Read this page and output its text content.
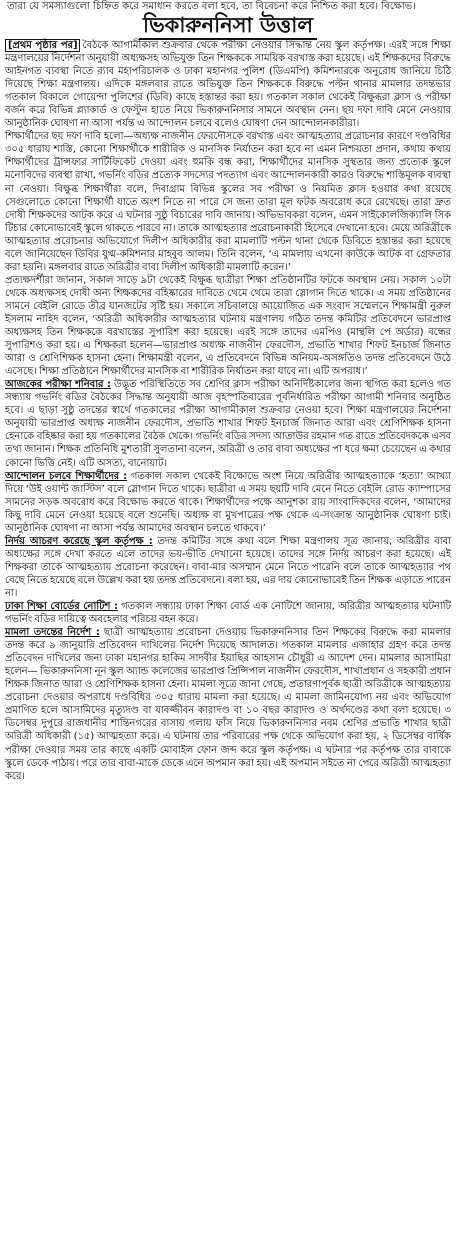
তারা যে সমস্যাগুলো চিহ্নিত করে সমাধান করতে বলা হবে, তা বিবেচনা করে নিশ্চিত করা হবে। বিক্ষোভ।
ভিকারুননিসা উত্তাল

[প্রথম পৃষ্ঠার পর] বৈঠকে আগামীকাল শুক্রবার থেকে পরীক্ষা নেওয়ার সিদ্ধান্ত নেয় স্কুল কর্তৃপক্ষ। এরই সঙ্গে শিক্ষা মন্ত্রণালয়ের নির্দেশনা অনুযায়ী অধ্যক্ষসহ অভিযুক্ত তিন শিক্ষককে সাময়িক বরখাস্ত করা হয়েছে। এই শিক্ষকদের বিরুদ্ধে আইনগত ব্যবস্থা নিতে র‌্যাব মহাপরিচালক ও ঢাকা মহানগর পুলিশ (ডিএমপি) কমিশনারকে অনুরোধ জানিয়ে চিঠি দিয়েছে শিক্ষা মন্ত্রণালয়। এদিকে মঙ্গলবার রাতে অভিযুক্ত তিন শিক্ষককে বিরুদ্ধে পল্টন থানার মামলার তদন্তভার গতকাল বিকালে গোয়েন্দা পুলিশের (ডিবি) কাছে হস্তান্তর করা হয়। গতকাল সকাল থেকেই বিক্ষুব্ধরা ক্লাস ও পরীক্ষা বর্জন করে বিভিন্ন প্ল্যাকার্ড ও ফেস্টুন হাতে নিয়ে ভিকারুননিসার সামনে অবস্থান নেন। ছয় দফা দাবি মেনে নেওয়ার আনুষ্ঠানিক ঘোষণা না আসা পর্যন্ত এ আন্দোলন চলবে বলেও ঘোষণা দেন আন্দোলনকারীরা।

শিক্ষার্থীদের ছয় দফা দাবি হলো—অধ্যক্ষ নাজনীন ফেরদৌসকে বরখাস্ত এবং আত্মহত্যার প্ররোচনার কারণে দণ্ডবিধির ৩০৫ ধারায় শাস্তি, কোনো শিক্ষার্থীকে শারীরিক ও মানসিক নির্যাতন করা হবে না এমন নিশ্চয়তা প্রদান, কথায় কথায় শিক্ষার্থীদের ট্রান্সফার সার্টিফিকেট দেওয়া এবং হুমকি বন্ধ করা, শিক্ষার্থীদের মানসিক সুস্থতার জন্য প্রত্যেক স্কুলে মনোবিদের ব্যবস্থা রাখা, গভর্নিং বডির প্রত্যেক সদস্যের পদত্যাগ এবং আন্দোলনকারী কারও বিরুদ্ধে শাস্তিমূলক ব্যবস্থা না নেওয়া। বিক্ষুব্ধ শিক্ষার্থীরা বলে, দিবাগ্রাম বিভিন্ন স্কুলের সব পরীক্ষা ও নিয়মিত ক্লাস হওয়ার কথা রয়েছে সেগুলোতে কোনো শিক্ষার্থী যাতে অংশ নিতে না পারে সে জন্য তারা মূল ফটক অবরোধ করে রেখেছে। তারা দ্রুত দোষী শিক্ষকদের আটক করে এ ঘটনার সুষ্ঠু বিচারের দাবি জানায়। অভিভাবকরা বলেন, এমন সাইকোলজিক্যালি সিক টিচার কোনোভাবেই স্কুলে থাকতে পারবে না। তাকে আত্মহত্যার প্ররোচনাকারী হিসেবে দেখানো হবে। মেয়ে অরিত্রীকে আত্মহত্যার প্ররোচনার অভিযোগে দিলীপ অধিকারীর করা মামলাটি পল্টন থানা থেকে ডিবিতে হস্তান্তর করা হয়েছে বলে জানিয়েছেন ডিবির যুগ্ম-কমিশনার মাহবুব আলম। তিনি বলেন, ‘এ মামলায় এখনো কাউকে আটক বা গ্রেফতার করা হয়নি। মঙ্গলবার রাতে অরিত্রীর বাবা দিলীপ অধিকারী মামলাটি করেন।’

প্রত্যক্ষদর্শীরা জানান, সকাল সাড়ে ৯টা থেকেই বিক্ষুব্ধ ছাত্রীরা শিক্ষা প্রতিষ্ঠানটির ফটকে অবস্থান নেয়। সকাল ১০টা থেকে অধ্যক্ষসহ দোষী অন্য শিক্ষকদের বহিষ্কারের দাবিতে থেমে থেমে তারা স্লোগান দিতে থাকে। এ সময় প্রতিষ্ঠানের সামনে বেইলি রোডে তীব্র যানজটের সৃষ্টি হয়। সকালে সচিবালয়ে আয়োজিত এক সংবাদ সম্মেলনে শিক্ষামন্ত্রী নুরুল ইসলাম নাহিদ বলেন, ‘অরিত্রী অধিকারীর আত্মহত্যার ঘটনায় মন্ত্রণালয় গঠিত তদন্ত কমিটির প্রতিবেদনে ভারপ্রাপ্ত অধ্যক্ষসহ তিন শিক্ষককে বরখাস্তের সুপারিশ করা হয়েছে। এরই সঙ্গে তাদের এমপিও (মান্থলি পে অর্ডার) বন্ধের সুপারিশও করা হয়। এ শিক্ষকরা হলেন—ভারপ্রাপ্ত অধ্যক্ষ নাজনীন ফেরদৌস, প্রভাতি শাখার শিফট ইনচার্জ জিনাত আরা ও শ্রেণিশিক্ষক হাসনা হেনা। শিক্ষামন্ত্রী বলেন, এ প্রতিবেদনে বিভিন্ন অনিয়ম-অসঙ্গতিও তদন্ত প্রতিবেদনে উঠে এসেছে। শিক্ষা প্রতিষ্ঠানে শিক্ষার্থীদের মানসিক বা শারীরিক নির্যাতন করা যাবে না। এটি অপরাধ।’

আজকের পরীক্ষা শনিবার : উদ্ভূত পরিস্থিতিতে সব শ্রেণির ক্লাস পরীক্ষা অনির্দিষ্টকালের জন্য স্থগিত করা হলেও গত সন্ধ্যায় গভর্নিং বডির বৈঠকের সিদ্ধান্ত অনুযায়ী আজ বৃহস্পতিবারের পূর্বনির্ধারিত পরীক্ষা আগামী শনিবার অনুষ্ঠিত হবে। এ ছাড়া সুষ্ঠু তদন্তের স্বার্থে গতকালের পরীক্ষা আগামীকাল শুক্রবার নেওয়া হবে। শিক্ষা মন্ত্রণালয়ের নির্দেশনা অনুযায়ী ভারপ্রাপ্ত অধ্যক্ষ নাজনীন ফেরদৌস, প্রভাতি শাখার শিফট ইনচার্জ জিনাত আরা এবং শ্রেণিশিক্ষক হাসনা হেনাকে বহিষ্কার করা হয় গতকালের বৈঠক থেকে। গভর্নিং বডির সদস্য আতাউর রহমান গত রাতে প্রতিবেদককে এসব তথ্য জানান। শিক্ষক প্রতিনিধি মুশতারী সুলতানা বলেন, অরিত্রী ও তার বাবা অধ্যক্ষের পা ধরে ক্ষমা চেয়েছেন এ কথার কোনো ভিত্তি নেই। এটি অসত্য, বানোয়াট।

আন্দোলন চলবে শিক্ষার্থীদের : গতকাল সকাল থেকেই বিক্ষোভে অংশ নিয়ে অরিত্রীর আত্মহত্যাকে ‘হত্যা’ আখ্যা দিয়ে ‘উই ওয়ান্ট জাস্টিস’ বলে স্লোগান দিতে থাকে। ছাত্রীরা এ সময় ছয়টি দাবি মেনে নিতে বেইলি রোড ক্যাম্পাসের সামনের সড়ক অবরোধ করে বিক্ষোভ করতে থাকে। শিক্ষার্থীদের পক্ষে আনুশকা রায় সাংবাদিকদের বলেন, ‘আমাদের কিছু দাবি মেনে নেওয়া হয়েছে বলে শুনেছি। অধ্যক্ষ বা মুখপাত্রের পক্ষ থেকে এ-সংক্রান্ত আনুষ্ঠানিক ঘোষণা চাই। আনুষ্ঠানিক ঘোষণা না আসা পর্যন্ত আমাদের অবস্থান চলতে থাকবে।’

নির্দয় আচরণ করেছে স্কুল কর্তৃপক্ষ : তদন্ত কমিটির সঙ্গে কথা বলে শিক্ষা মন্ত্রণালয় সূত্র জানায়, অরিত্রীর বাবা অধ্যক্ষের সঙ্গে দেখা করতে এলে তাদের ভয়-ভীতি দেখানো হয়েছে। তাদের সঙ্গে নির্দয় আচরণ করা হয়েছে। এই শিক্ষকরা তাকে আত্মহত্যায় প্ররোচনা করেছেন। বাবা-মার অসম্মান মেনে নিতে পারেনি বলে তাকে আত্মহত্যার পথ বেছে নিতে হয়েছে বলে উল্লেখ করা হয় তদন্ত প্রতিবেদনে। বলা হয়, এর দায় কোনোভাবেই তিন শিক্ষক এড়াতে পারেন না।

ঢাকা শিক্ষা বোর্ডের নোটিশ : গতকাল সন্ধ্যায় ঢাকা শিক্ষা বোর্ড এক নোটিশে জানায়, অরিত্রীর আত্মহত্যার ঘটনাটি গভর্নিং বডির দায়িত্বে অবহেলার পরিচয় বহন করে।

মামলা তদন্তের নির্দেশ : ছাত্রী আত্মহত্যায় প্ররোচনা দেওয়ায় ভিকারুননিসার তিন শিক্ষকের বিরুদ্ধে করা মামলার তদন্ত করে ৯ জানুয়ারি প্রতিবেদন দাখিলের নির্দেশ দিয়েছে আদালত। গতকাল মামলার এজাহার গ্রহণ করে তদন্ত প্রতিবেদন দাখিলের জন্য ঢাকা মহানগর হাকিম সাদবীর ইয়াছির আহসান চৌধুরী এ আদেশ দেন। মামলার আসামিরা হলেন— ভিকারুননিসা নূন স্কুল অ্যান্ড কলেজের ভারপ্রাপ্ত প্রিন্সিপাল নাজনীন ফেরদৌস, শাখাপ্রধান ও সহকারী প্রধান শিক্ষক জিনাত আরা ও শ্রেণিশিক্ষক হাসনা হেনা। মামলা সূত্রে জানা গেছে, প্রতারণাপূর্বক ছাত্রী অরিত্রীকে আত্মহত্যায় প্ররোচনা দেওয়ার অপরাধে দণ্ডবিধির ৩০৫ ধারায় মামলা করা হয়েছে। এ মামলা জামিনযোগ্য নয় এবং অভিযোগ প্রমাণিত হলে আসামিদের মৃত্যুদণ্ড বা যাবজ্জীবন কারাদণ্ড বা ১০ বছর কারাদণ্ড ও অর্থদণ্ডের কথা বলা হয়েছে। ৩ ডিসেম্বর দুপুরে রাজধানীর শান্তিনগরের বাসায় গলায় ফাঁস নিয়ে ভিকারুননিসার নবম শ্রেণির প্রভাতি শাখার ছাত্রী অরিত্রী অধিকারী (১৫) আত্মহত্যা করে। এ ঘটনায় তার পরিবারের পক্ষ থেকে অভিযোগ করা হয়, ২ ডিসেম্বর বার্ষিক পরীক্ষা দেওয়ার সময় তার কাছে একটি মোবাইল ফোন জব্দ করে স্কুল কর্তৃপক্ষ। এ ঘটনার পর কর্তৃপক্ষ তার বাবাকে স্কুলে ডেকে পাঠায়। পরে তার বাবা-মাকে ডেকে এনে অপমান করা হয়। এই অপমান সইতে না পেরে অরিত্রী আত্মহত্যা করে।
